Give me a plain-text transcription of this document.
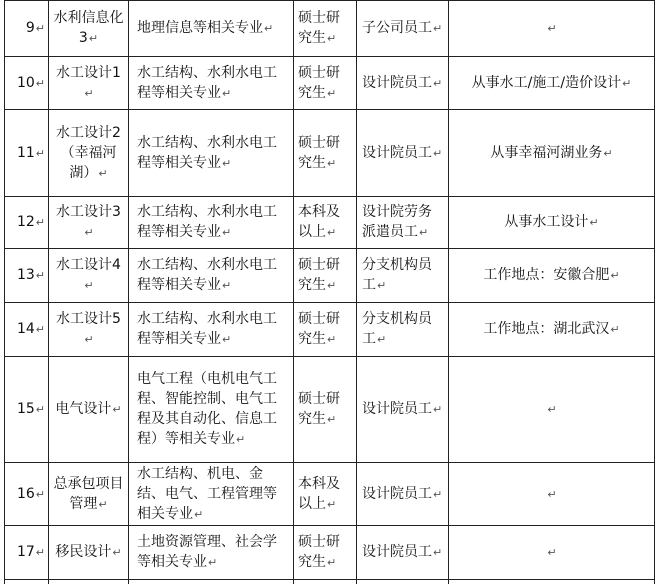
9↵	水利信息化3↵	地理信息等相关专业↵	硕士研究生↵	子公司员工↵	↵
10↵	水工设计1↵	水工结构、水利水电工程等相关专业↵	硕士研究生↵	设计院员工↵	从事水工/施工/造价设计↵
11↵	水工设计2（幸福河湖）↵	水工结构、水利水电工程等相关专业↵	硕士研究生↵	设计院员工↵	从事幸福河湖业务↵
12↵	水工设计3↵	水工结构、水利水电工程等相关专业↵	本科及以上↵	设计院劳务派遣员工↵	从事水工设计↵
13↵	水工设计4↵	水工结构、水利水电工程等相关专业↵	硕士研究生↵	分支机构员工↵	工作地点：安徽合肥↵
14↵	水工设计5↵	水工结构、水利水电工程等相关专业↵	硕士研究生↵	分支机构员工↵	工作地点：湖北武汉↵
15↵	电气设计↵	电气工程（电机电气工程、智能控制、电气工程及其自动化、信息工程）等相关专业↵	硕士研究生↵	设计院员工↵	↵
16↵	总承包项目管理↵	水工结构、机电、金结、电气、工程管理等相关专业↵	本科及以上↵	设计院员工↵	↵
17↵	移民设计↵	土地资源管理、社会学等相关专业↵	硕士研究生↵	设计院员工↵	↵
